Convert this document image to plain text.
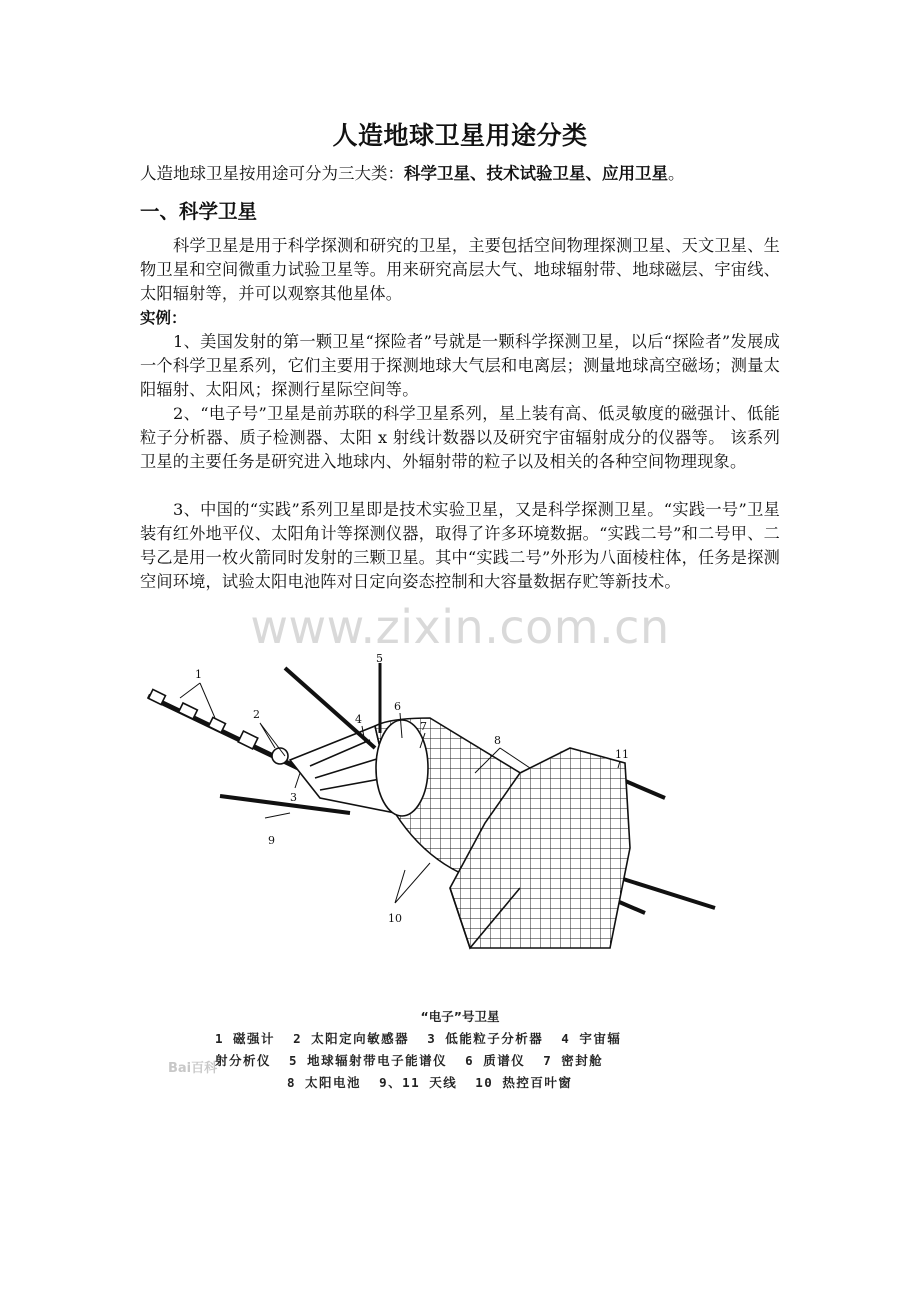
人造地球卫星用途分类
人造地球卫星按用途可分为三大类：科学卫星、技术试验卫星、应用卫星。
一、科学卫星
科学卫星是用于科学探测和研究的卫星，主要包括空间物理探测卫星、天文卫星、生物卫星和空间微重力试验卫星等。用来研究高层大气、地球辐射带、地球磁层、宇宙线、太阳辐射等，并可以观察其他星体。
实例：
1、美国发射的第一颗卫星“探险者”号就是一颗科学探测卫星，以后“探险者”发展成一个科学卫星系列，它们主要用于探测地球大气层和电离层；测量地球高空磁场；测量太阳辐射、太阳风；探测行星际空间等。
2、“电子号”卫星是前苏联的科学卫星系列，星上装有高、低灵敏度的磁强计、低能粒子分析器、质子检测器、太阳 x 射线计数器以及研究宇宙辐射成分的仪器等。 该系列卫星的主要任务是研究进入地球内、外辐射带的粒子以及相关的各种空间物理现象。
3、中国的“实践”系列卫星即是技术实验卫星，又是科学探测卫星。“实践一号”卫星装有红外地平仪、太阳角计等探测仪器，取得了许多环境数据。“实践二号”和二号甲、二号乙是用一枚火箭同时发射的三颗卫星。其中“实践二号”外形为八面棱柱体，任务是探测空间环境，试验太阳电池阵对日定向姿态控制和大容量数据存贮等新技术。
www.zixin.com.cn
1
2
3
4
5
6
7
8
9
10
11
“电子”号卫星
1 磁强计  2 太阳定向敏感器  3 低能粒子分析器  4 宇宙辐
射分析仪  5 地球辐射带电子能谱仪  6 质谱仪  7 密封舱
8 太阳电池  9、11 天线  10 热控百叶窗
Bai百科
